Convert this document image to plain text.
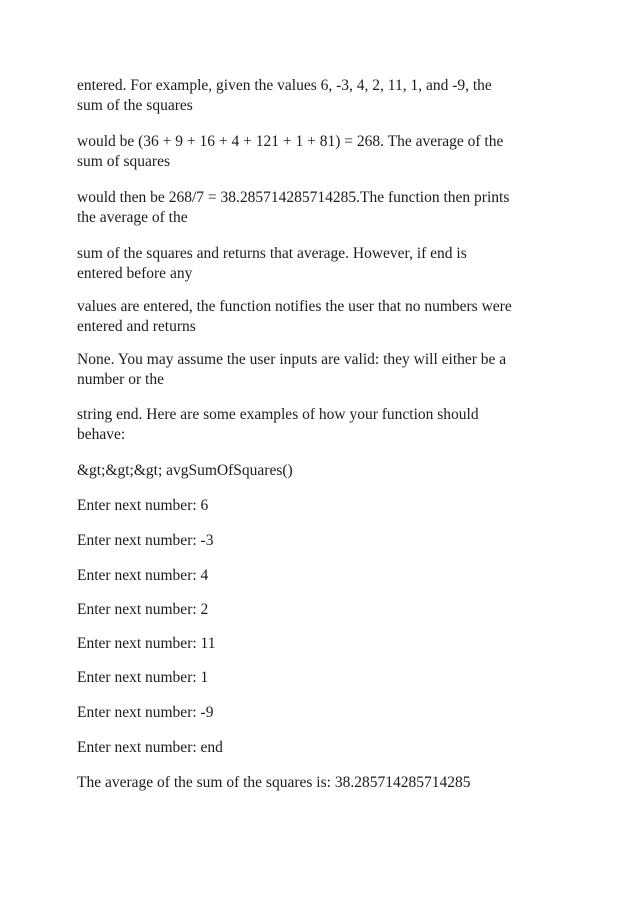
entered. For example, given the values 6, -3, 4, 2, 11, 1, and -9, the
sum of the squares

would be (36 + 9 + 16 + 4 + 121 + 1 + 81) = 268. The average of the
sum of squares

would then be 268/7 = 38.285714285714285.The function then prints
the average of the

sum of the squares and returns that average. However, if end is
entered before any

values are entered, the function notifies the user that no numbers were
entered and returns

None. You may assume the user inputs are valid: they will either be a
number or the

string end. Here are some examples of how your function should
behave:

&gt;&gt;&gt; avgSumOfSquares()

Enter next number: 6

Enter next number: -3

Enter next number: 4

Enter next number: 2

Enter next number: 11

Enter next number: 1

Enter next number: -9

Enter next number: end

The average of the sum of the squares is: 38.285714285714285
